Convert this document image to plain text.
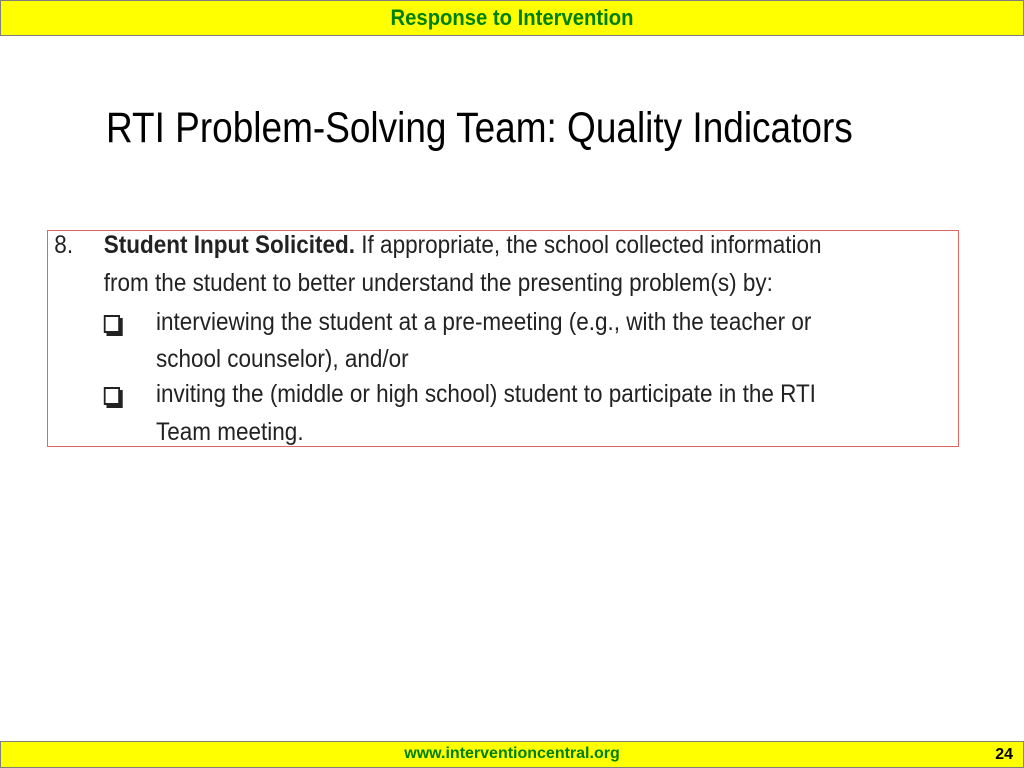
Response to Intervention
RTI Problem-Solving Team: Quality Indicators
8. Student Input Solicited. If appropriate, the school collected information
from the student to better understand the presenting problem(s) by:
interviewing the student at a pre-meeting (e.g., with the teacher or
school counselor), and/or
inviting the (middle or high school) student to participate in the RTI
Team meeting.
www.interventioncentral.org	24
